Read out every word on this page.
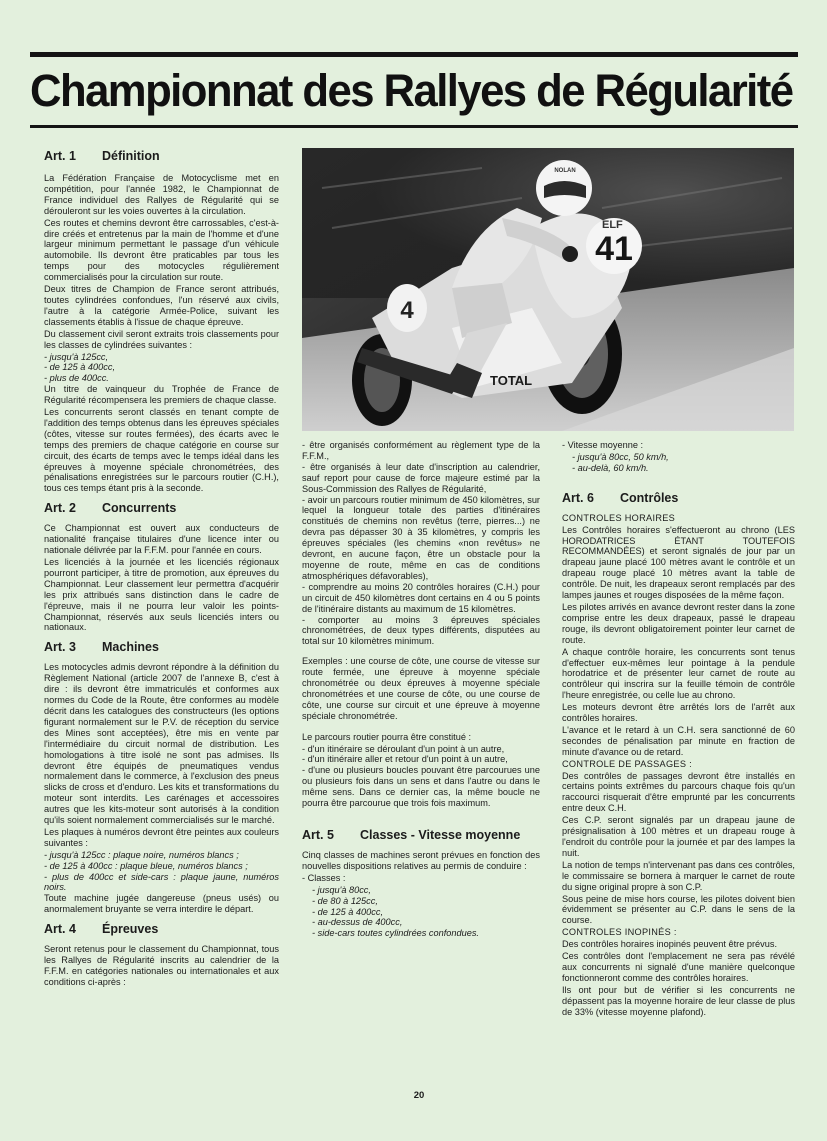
Championnat des Rallyes de Régularité
41
4
TOTAL
ELF
NOLAN
Art. 1 Définition

La Fédération Française de Motocyclisme met en compétition, pour l'année 1982, le Championnat de France individuel des Rallyes de Régularité qui se dérouleront sur les voies ouvertes à la circulation.

Ces routes et chemins devront être carrossables, c'est-à-dire créés et entretenus par la main de l'homme et d'une largeur minimum permettant le passage d'un véhicule automobile. Ils devront être praticables par tous les temps pour des motocycles régulièrement commercialisés pour la circulation sur route.

Deux titres de Champion de France seront attribués, toutes cylindrées confondues, l'un réservé aux civils, l'autre à la catégorie Armée-Police, suivant les classements établis à l'issue de chaque épreuve.

Du classement civil seront extraits trois classements pour les classes de cylindrées suivantes :

- jusqu'à 125cc,
- de 125 à 400cc,
- plus de 400cc.

Un titre de vainqueur du Trophée de France de Régularité récompensera les premiers de chaque classe.

Les concurrents seront classés en tenant compte de l'addition des temps obtenus dans les épreuves spéciales (côtes, vitesse sur routes fermées), des écarts avec le temps des premiers de chaque catégorie en course sur circuit, des écarts de temps avec le temps idéal dans les épreuves à moyenne spéciale chronométrées, des pénalisations enregistrées sur le parcours routier (C.H.), tous ces temps étant pris à la seconde.

Art. 2 Concurrents

Ce Championnat est ouvert aux conducteurs de nationalité française titulaires d'une licence inter ou nationale délivrée par la F.F.M. pour l'année en cours.

Les licenciés à la journée et les licenciés régionaux pourront participer, à titre de promotion, aux épreuves du Championnat. Leur classement leur permettra d'acquérir les prix attribués sans distinction dans le cadre de l'épreuve, mais il ne pourra leur valoir les points-Championnat, réservés aux seuls licenciés inters ou nationaux.

Art. 3 Machines

Les motocycles admis devront répondre à la définition du Règlement National (article 2007 de l'annexe B, c'est à dire : ils devront être immatriculés et conformes aux normes du Code de la Route, être conformes au modèle décrit dans les catalogues des constructeurs (les options figurant normalement sur le P.V. de réception du service des Mines sont acceptées), être mis en vente par l'intermédiaire du circuit normal de distribution. Les homologations à titre isolé ne sont pas admises. Ils devront être équipés de pneumatiques vendus normalement dans le commerce, à l'exclusion des pneus slicks de cross et d'enduro. Les kits et transformations du moteur sont interdits. Les carénages et accessoires autres que les kits-moteur sont autorisés à la condition qu'ils soient normalement commercialisés sur le marché.

Les plaques à numéros devront être peintes aux couleurs suivantes :

- jusqu'à 125cc : plaque noire, numéros blancs ;
- de 125 à 400cc : plaque bleue, numéros blancs ;
- plus de 400cc et side-cars : plaque jaune, numéros noirs.

Toute machine jugée dangereuse (pneus usés) ou anormalement bruyante se verra interdire le départ.

Art. 4 Épreuves

Seront retenus pour le classement du Championnat, tous les Rallyes de Régularité inscrits au calendrier de la F.F.M. en catégories nationales ou internationales et aux conditions ci-après :

- être organisés conformément au règlement type de la F.F.M.,
- être organisés à leur date d'inscription au calendrier, sauf report pour cause de force majeure estimé par la Sous-Commission des Rallyes de Régularité,
- avoir un parcours routier minimum de 450 kilomètres, sur lequel la longueur totale des parties d'itinéraires constitués de chemins non revêtus (terre, pierres...) ne devra pas dépasser 30 à 35 kilomètres, y compris les épreuves spéciales (les chemins «non revêtus» ne devront, en aucune façon, être un obstacle pour la moyenne de route, même en cas de conditions atmosphériques défavorables),
- comprendre au moins 20 contrôles horaires (C.H.) pour un circuit de 450 kilomètres dont certains en 4 ou 5 points de l'itinéraire distants au maximum de 15 kilomètres.
- comporter au moins 3 épreuves spéciales chronométrées, de deux types différents, disputées au total sur 10 kilomètres minimum.

Exemples : une course de côte, une course de vitesse sur route fermée, une épreuve à moyenne spéciale chronométrée ou deux épreuves à moyenne spéciale chronométrées et une course de côte, ou une course de côte, une course sur circuit et une épreuve à moyenne spéciale chronométrée.

Le parcours routier pourra être constitué :

- d'un itinéraire se déroulant d'un point à un autre,
- d'un itinéraire aller et retour d'un point à un autre,
- d'une ou plusieurs boucles pouvant être parcourues une ou plusieurs fois dans un sens et dans l'autre ou dans le même sens. Dans ce dernier cas, la même boucle ne pourra être parcourue que trois fois maximum.
Art. 5 Classes - Vitesse moyenne

Cinq classes de machines seront prévues en fonction des nouvelles dispositions relatives au permis de conduire :

- Classes :

- jusqu'à 80cc,
- de 80 à 125cc,
- de 125 à 400cc,
- au-dessus de 400cc,
- side-cars toutes cylindrées confondues.

- Vitesse moyenne :

- jusqu'à 80cc, 50 km/h,
- au-delà, 60 km/h.
Art. 6 Contrôles

CONTROLES HORAIRES

Les Contrôles horaires s'effectueront au chrono (LES HORODATRICES ÉTANT TOUTEFOIS RECOMMANDÉES) et seront signalés de jour par un drapeau jaune placé 100 mètres avant le contrôle et un drapeau rouge placé 10 mètres avant la table de contrôle. De nuit, les drapeaux seront remplacés par des lampes jaunes et rouges disposées de la même façon.

Les pilotes arrivés en avance devront rester dans la zone comprise entre les deux drapeaux, passé le drapeau rouge, ils devront obligatoirement pointer leur carnet de route.

A chaque contrôle horaire, les concurrents sont tenus d'effectuer eux-mêmes leur pointage à la pendule horodatrice et de présenter leur carnet de route au contrôleur qui inscrira sur la feuille témoin de contrôle l'heure enregistrée, ou celle lue au chrono.

Les moteurs devront être arrêtés lors de l'arrêt aux contrôles horaires.

L'avance et le retard à un C.H. sera sanctionné de 60 secondes de pénalisation par minute en fraction de minute d'avance ou de retard.

CONTROLE DE PASSAGES :

Des contrôles de passages devront être installés en certains points extrêmes du parcours chaque fois qu'un raccourci risquerait d'être emprunté par les concurrents entre deux C.H.

Ces C.P. seront signalés par un drapeau jaune de présignalisation à 100 mètres et un drapeau rouge à l'endroit du contrôle pour la journée et par des lampes la nuit.

La notion de temps n'intervenant pas dans ces contrôles, le commissaire se bornera à marquer le carnet de route du signe original propre à son C.P.

Sous peine de mise hors course, les pilotes doivent bien évidemment se présenter au C.P. dans le sens de la course.

CONTROLES INOPINÉS :

Des contrôles horaires inopinés peuvent être prévus.

Ces contrôles dont l'emplacement ne sera pas révélé aux concurrents ni signalé d'une manière quelconque fonctionneront comme des contrôles horaires.

Ils ont pour but de vérifier si les concurrents ne dépassent pas la moyenne horaire de leur classe de plus de 33% (vitesse moyenne plafond).

20
